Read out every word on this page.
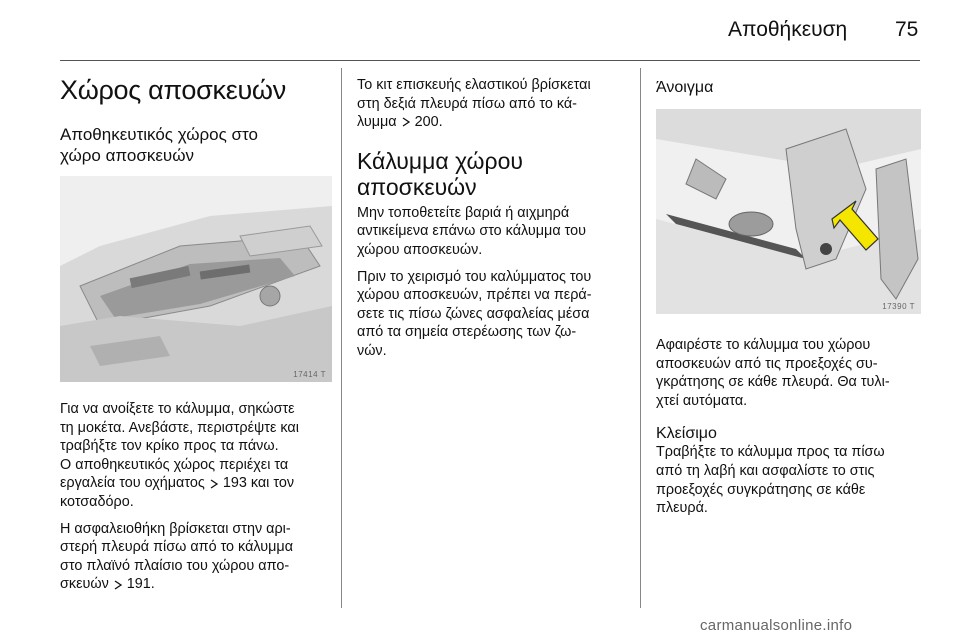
Αποθήκευση 75
Χώρος αποσκευών
Αποθηκευτικός χώρος στο
χώρο αποσκευών
17414 T

Για να ανοίξετε το κάλυμμα, σηκώστε

τη μοκέτα. Ανεβάστε, περιστρέψτε και

τραβήξτε τον κρίκο προς τα πάνω.

Ο αποθηκευτικός χώρος περιέχει τα

εργαλεία του οχήματος 193 και τον

κοτσαδόρο.

Η ασφαλειοθήκη βρίσκεται στην αρι-

στερή πλευρά πίσω από το κάλυμμα

στο πλαϊνό πλαίσιο του χώρου απο-

σκευών 191.

Το κιτ επισκευής ελαστικού βρίσκεται

στη δεξιά πλευρά πίσω από το κά-

λυμμα 200.

Κάλυμμα χώρου
αποσκευών

Μην τοποθετείτε βαριά ή αιχμηρά

αντικείμενα επάνω στο κάλυμμα του

χώρου αποσκευών.

Πριν το χειρισμό του καλύμματος του

χώρου αποσκευών, πρέπει να περά-

σετε τις πίσω ζώνες ασφαλείας μέσα

από τα σημεία στερέωσης των ζω-

νών.

Άνοιγμα
17390 T

Αφαιρέστε το κάλυμμα του χώρου

αποσκευών από τις προεξοχές συ-

γκράτησης σε κάθε πλευρά. Θα τυλι-

χτεί αυτόματα.

Κλείσιμο

Τραβήξτε το κάλυμμα προς τα πίσω

από τη λαβή και ασφαλίστε το στις

προεξοχές συγκράτησης σε κάθε

πλευρά.

carmanualsonline.info
